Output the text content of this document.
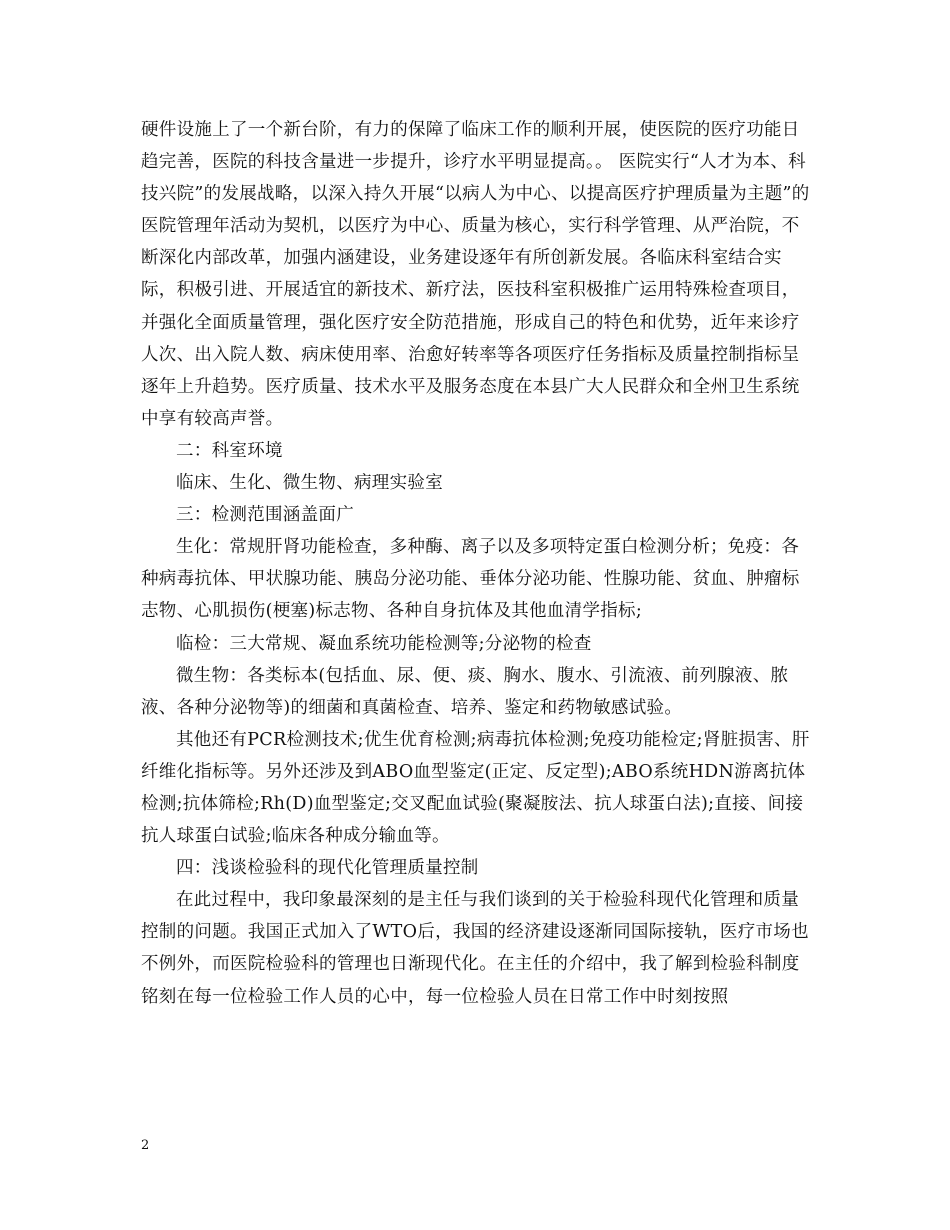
硬件设施上了一个新台阶，有力的保障了临床工作的顺利开展，使医院的医疗功能日趋完善，医院的科技含量进一步提升，诊疗水平明显提高。。 医院实行“人才为本、科技兴院”的发展战略，以深入持久开展“以病人为中心、以提高医疗护理质量为主题”的医院管理年活动为契机，以医疗为中心、质量为核心，实行科学管理、从严治院，不断深化内部改革，加强内涵建设，业务建设逐年有所创新发展。各临床科室结合实际，积极引进、开展适宜的新技术、新疗法，医技科室积极推广运用特殊检查项目，并强化全面质量管理，强化医疗安全防范措施，形成自己的特色和优势，近年来诊疗人次、出入院人数、病床使用率、治愈好转率等各项医疗任务指标及质量控制指标呈逐年上升趋势。医疗质量、技术水平及服务态度在本县广大人民群众和全州卫生系统中享有较高声誉。

二：科室环境

临床、生化、微生物、病理实验室

三：检测范围涵盖面广

生化：常规肝肾功能检查，多种酶、离子以及多项特定蛋白检测分析；免疫：各种病毒抗体、甲状腺功能、胰岛分泌功能、垂体分泌功能、性腺功能、贫血、肿瘤标志物、心肌损伤(梗塞)标志物、各种自身抗体及其他血清学指标;

临检：三大常规、凝血系统功能检测等;分泌物的检查

微生物：各类标本(包括血、尿、便、痰、胸水、腹水、引流液、前列腺液、脓液、各种分泌物等)的细菌和真菌检查、培养、鉴定和药物敏感试验。

其他还有PCR检测技术;优生优育检测;病毒抗体检测;免疫功能检定;肾脏损害、肝纤维化指标等。另外还涉及到ABO血型鉴定(正定、反定型);ABO系统HDN游离抗体检测;抗体筛检;Rh(D)血型鉴定;交叉配血试验(聚凝胺法、抗人球蛋白法);直接、间接抗人球蛋白试验;临床各种成分输血等。

四：浅谈检验科的现代化管理质量控制

在此过程中，我印象最深刻的是主任与我们谈到的关于检验科现代化管理和质量控制的问题。我国正式加入了WTO后，我国的经济建设逐渐同国际接轨，医疗市场也不例外，而医院检验科的管理也日渐现代化。在主任的介绍中，我了解到检验科制度铭刻在每一位检验工作人员的心中，每一位检验人员在日常工作中时刻按照

2
